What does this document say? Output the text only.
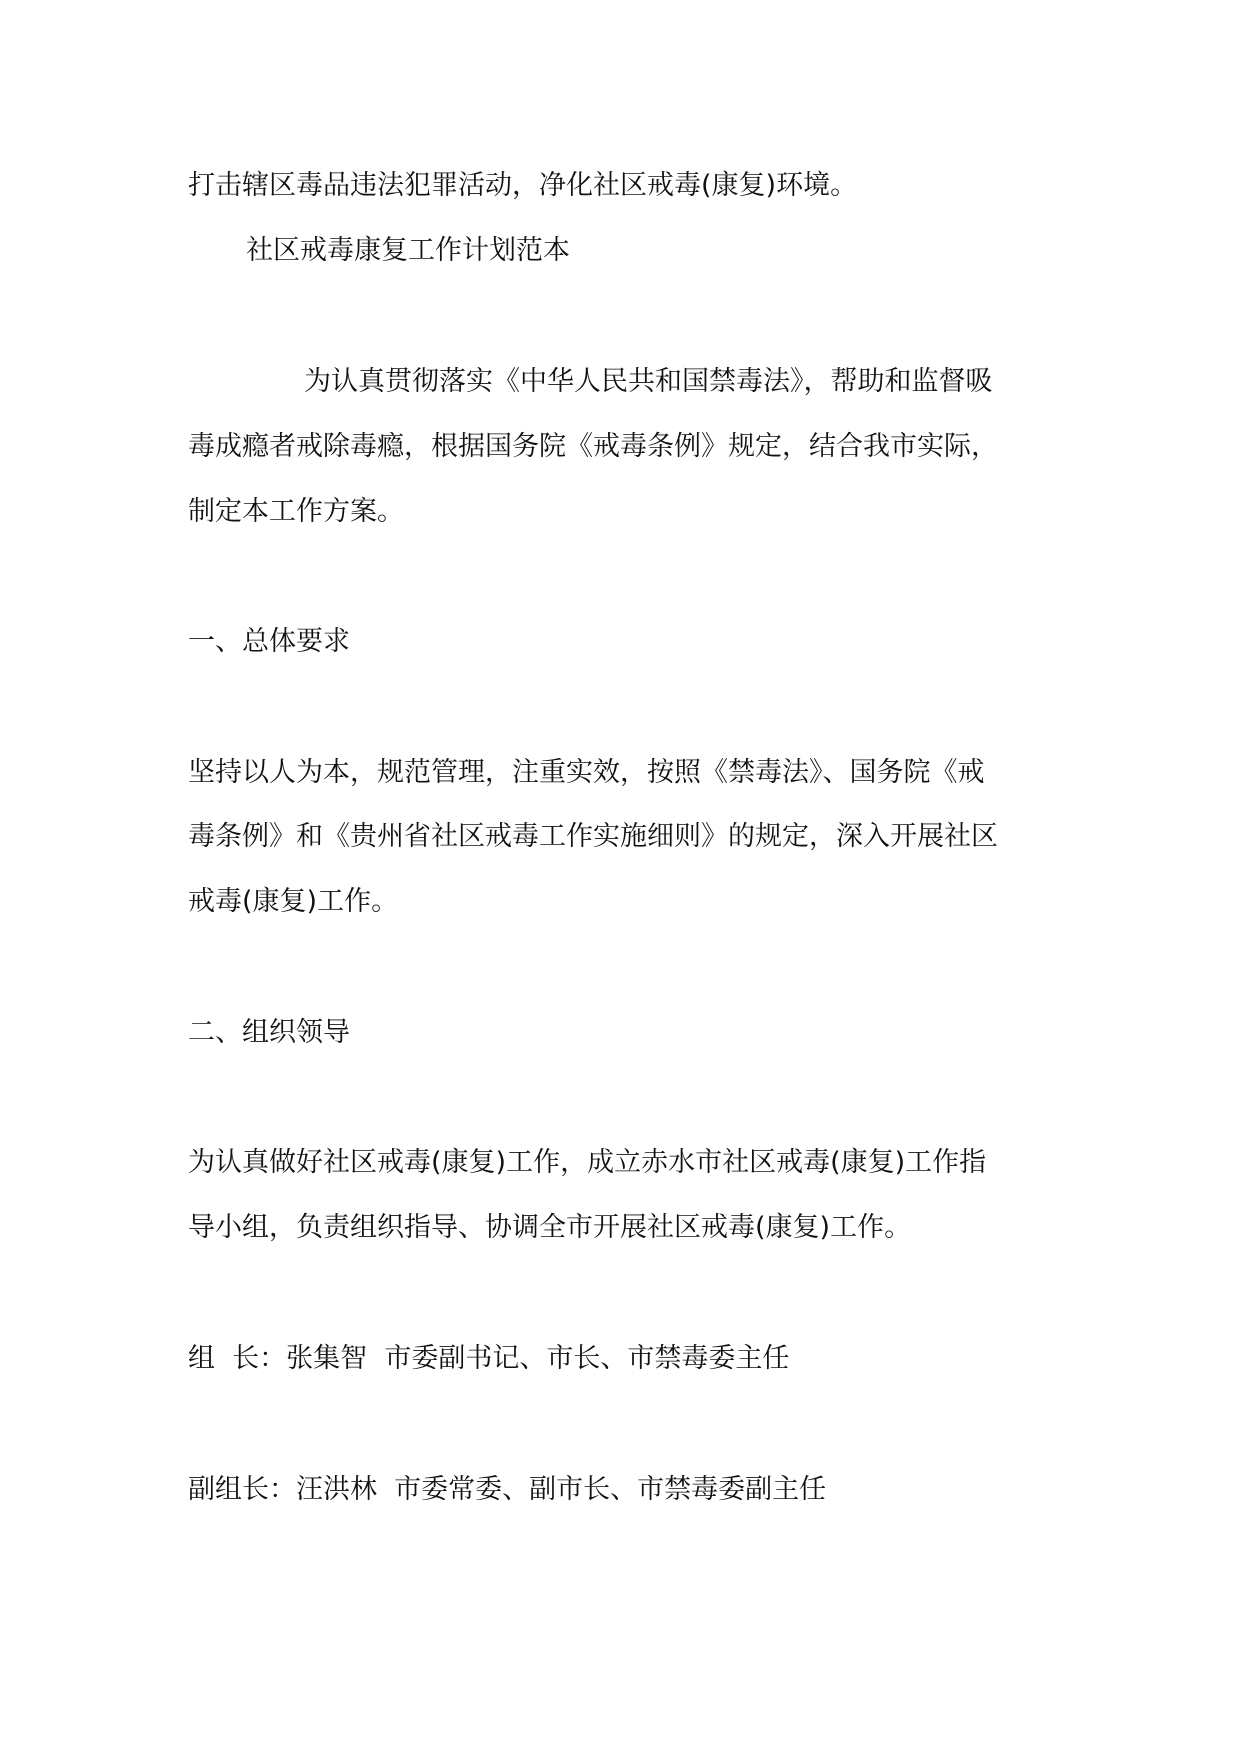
打击辖区毒品违法犯罪活动，净化社区戒毒(康复)环境。
社区戒毒康复工作计划范本
为认真贯彻落实《中华人民共和国禁毒法》，帮助和监督吸
毒成瘾者戒除毒瘾，根据国务院《戒毒条例》规定，结合我市实际，
制定本工作方案。
一、总体要求
坚持以人为本，规范管理，注重实效，按照《禁毒法》、国务院《戒
毒条例》和《贵州省社区戒毒工作实施细则》的规定，深入开展社区
戒毒(康复)工作。
二、组织领导
为认真做好社区戒毒(康复)工作，成立赤水市社区戒毒(康复)工作指
导小组，负责组织指导、协调全市开展社区戒毒(康复)工作。
组  长：张集智  市委副书记、市长、市禁毒委主任
副组长：汪洪林  市委常委、副市长、市禁毒委副主任
